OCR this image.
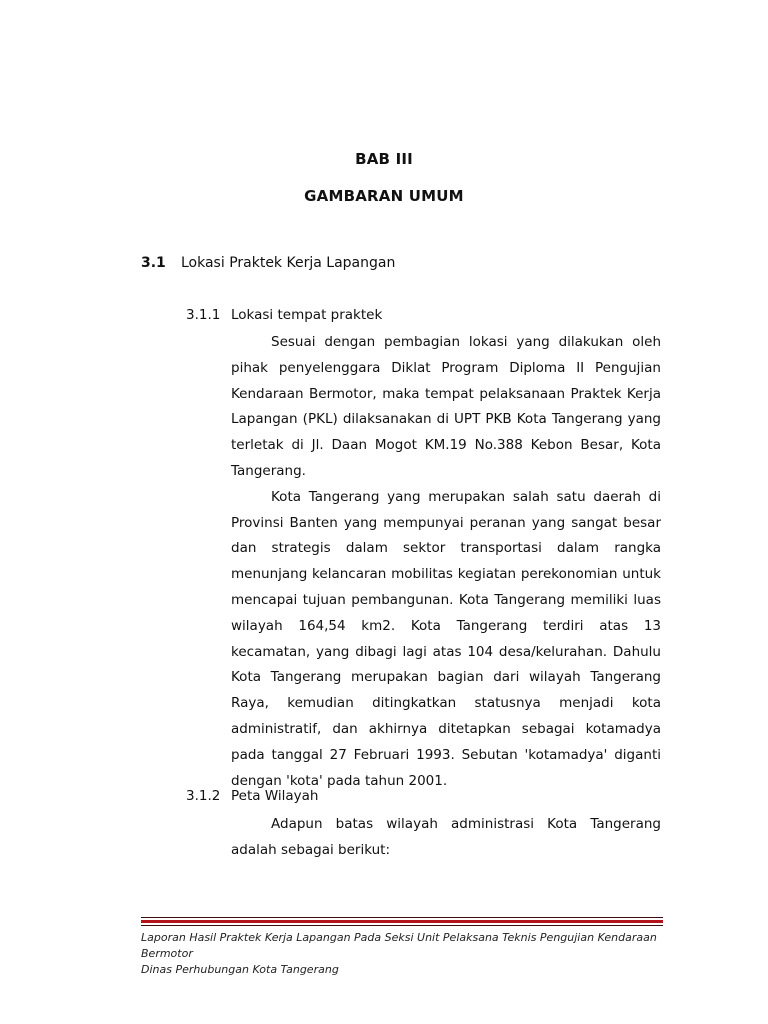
BAB III
GAMBARAN UMUM
3.1 Lokasi Praktek Kerja Lapangan
3.1.1 Lokasi tempat praktek

Sesuai dengan pembagian lokasi yang dilakukan oleh pihak penyelenggara Diklat Program Diploma II Pengujian Kendaraan Bermotor, maka tempat pelaksanaan Praktek Kerja Lapangan (PKL) dilaksanakan di UPT PKB Kota Tangerang yang terletak di Jl. Daan Mogot KM.19 No.388 Kebon Besar, Kota Tangerang.

Kota Tangerang yang merupakan salah satu daerah di Provinsi Banten yang mempunyai peranan yang sangat besar dan strategis dalam sektor transportasi dalam rangka menunjang kelancaran mobilitas kegiatan perekonomian untuk mencapai tujuan pembangunan. Kota Tangerang memiliki luas wilayah 164,54 km2. Kota Tangerang terdiri atas 13 kecamatan, yang dibagi lagi atas 104 desa/kelurahan. Dahulu Kota Tangerang merupakan bagian dari wilayah Tangerang Raya, kemudian ditingkatkan statusnya menjadi kota administratif, dan akhirnya ditetapkan sebagai kotamadya pada tanggal 27 Februari 1993. Sebutan 'kotamadya' diganti dengan 'kota' pada tahun 2001.

3.1.2 Peta Wilayah

Adapun batas wilayah administrasi Kota Tangerang adalah sebagai berikut:

Laporan Hasil Praktek Kerja Lapangan Pada Seksi Unit Pelaksana Teknis Pengujian Kendaraan Bermotor
Dinas Perhubungan Kota Tangerang
